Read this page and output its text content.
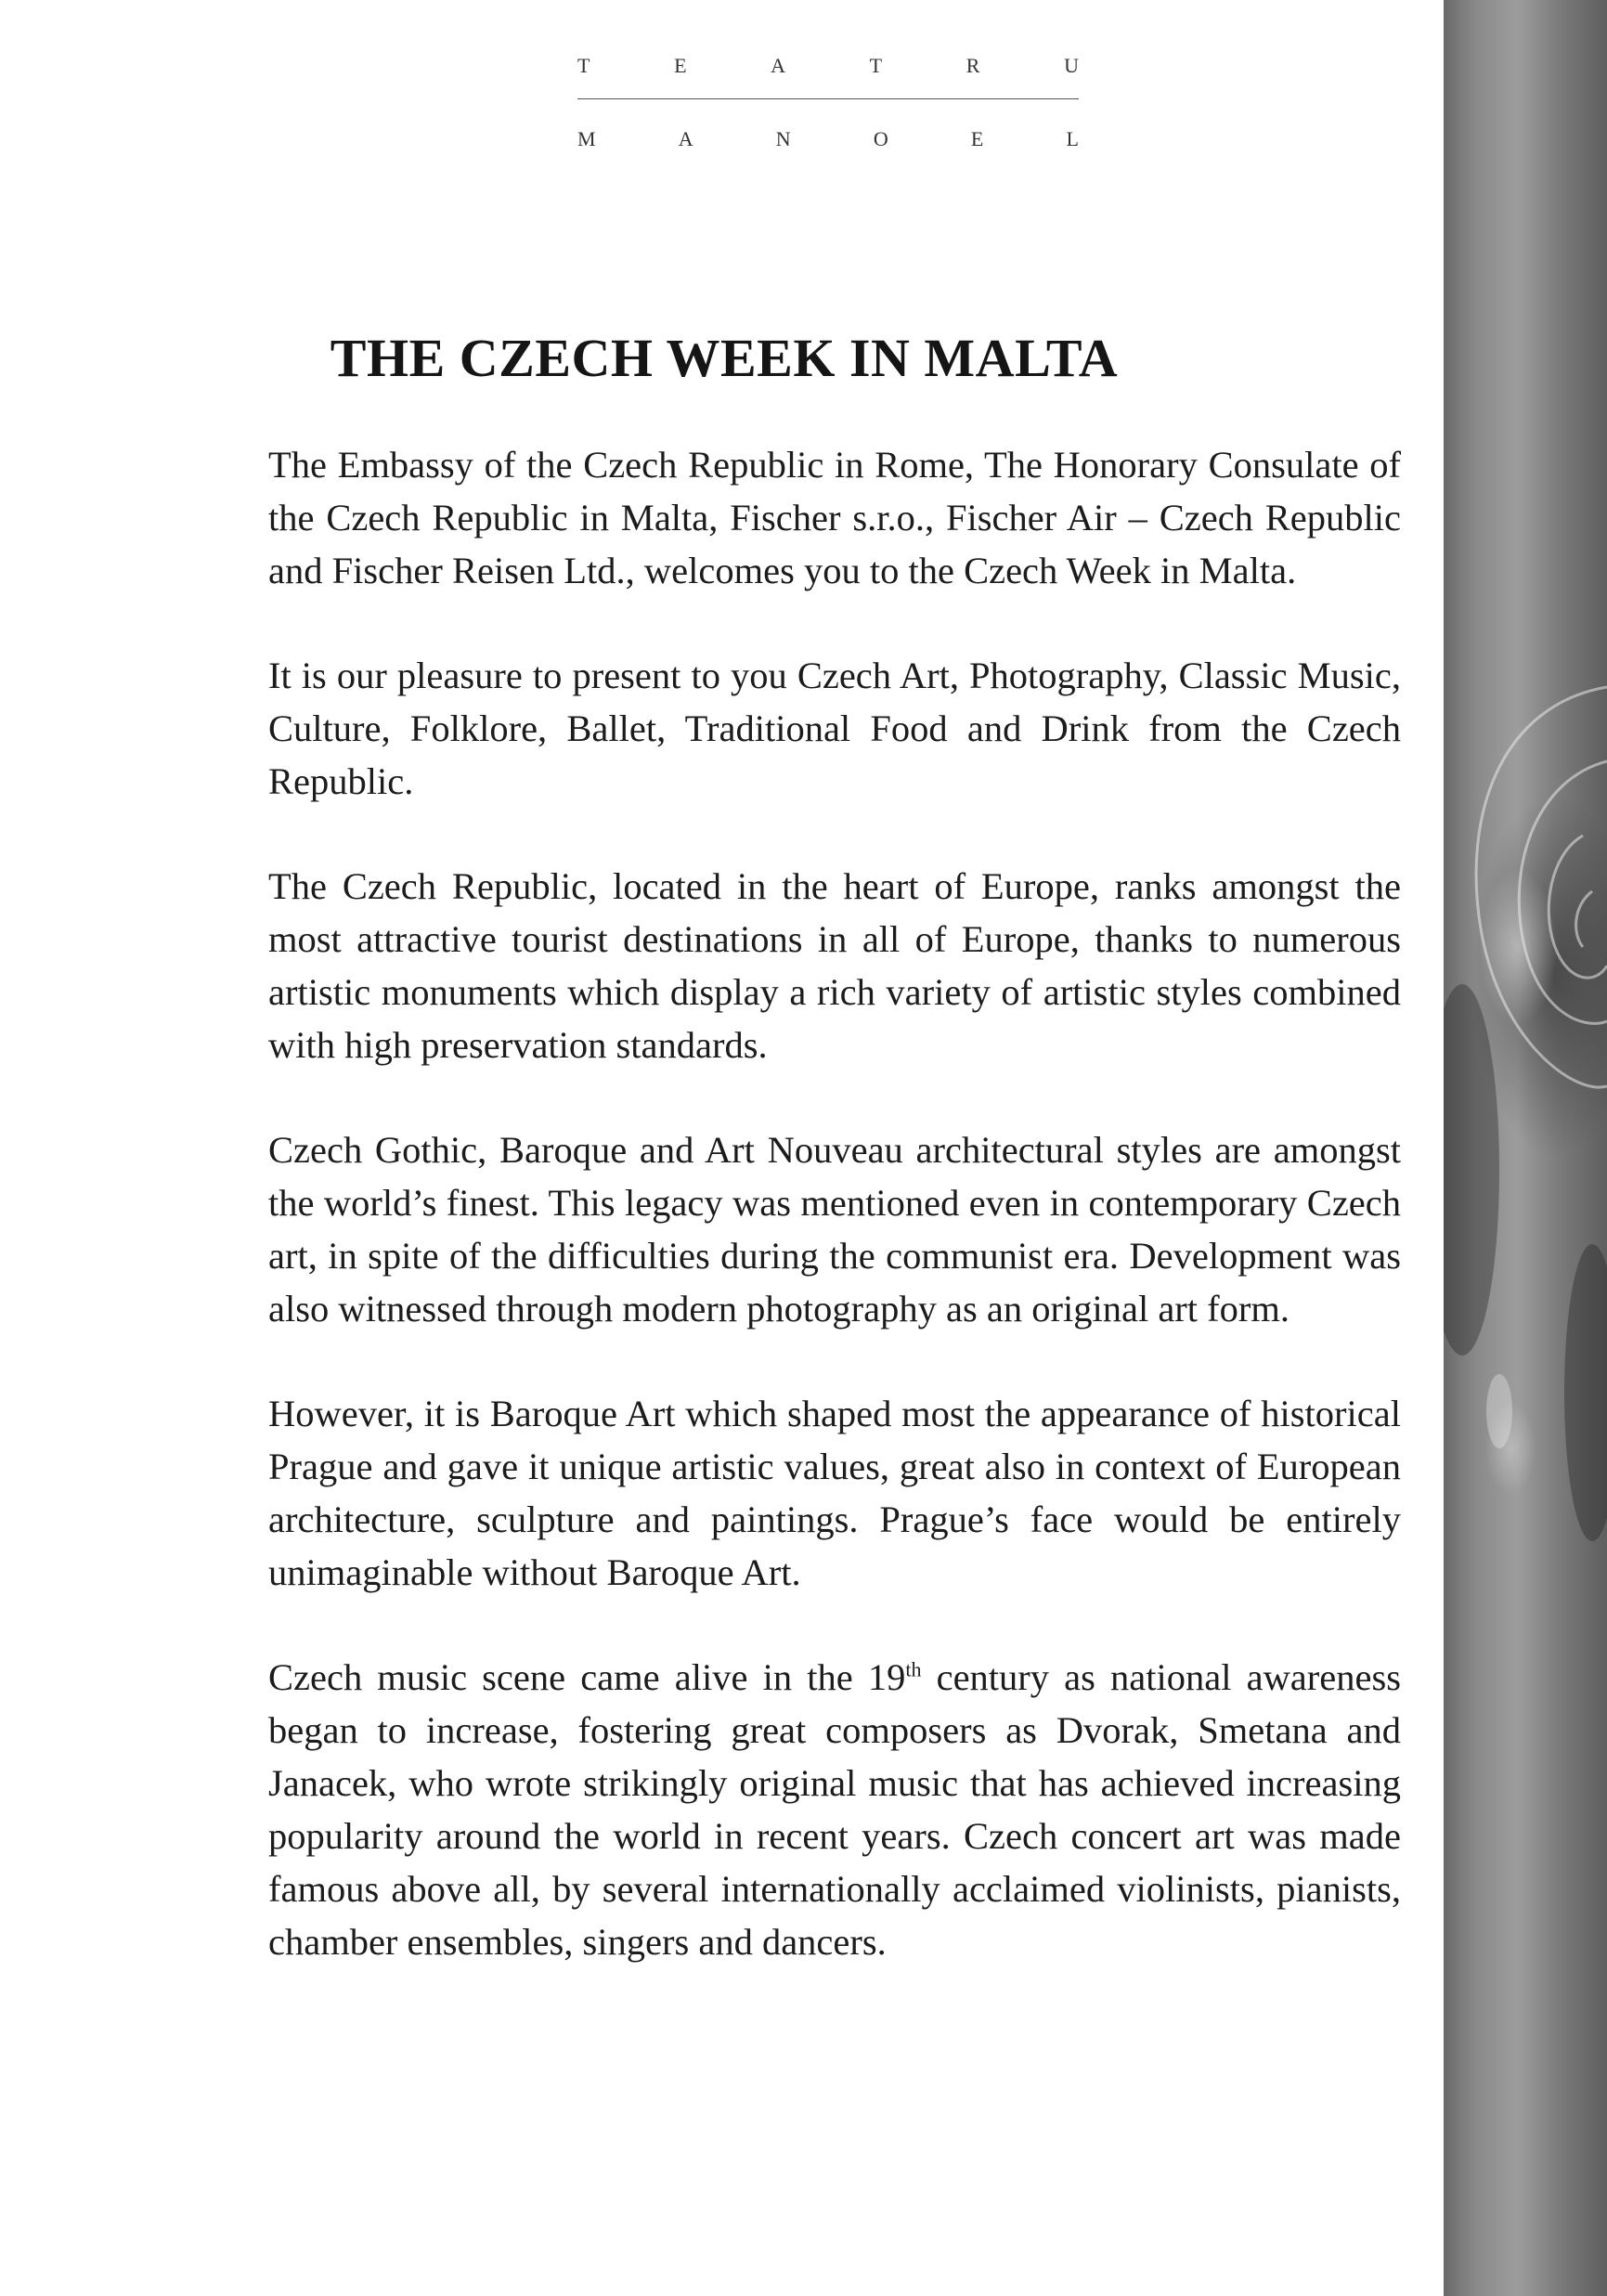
T	E	A	T	R	U
M	A	N	O	E	L
THE CZECH WEEK IN MALTA

The Embassy of the Czech Republic in Rome, The Honorary Consulate of the Czech Republic in Malta, Fischer s.r.o., Fischer Air – Czech Republic and Fischer Reisen Ltd., welcomes you to the Czech Week in Malta.

It is our pleasure to present to you Czech Art, Photography, Classic Music, Culture, Folklore, Ballet, Traditional Food and Drink from the Czech Republic.

The Czech Republic, located in the heart of Europe, ranks amongst the most attractive tourist destinations in all of Europe, thanks to numerous artistic monuments which display a rich variety of artistic styles combined with high preservation standards.

Czech Gothic, Baroque and Art Nouveau architectural styles are amongst the world’s finest. This legacy was mentioned even in contemporary Czech art, in spite of the difficulties during the communist era. Development was also witnessed through modern photography as an original art form.

However, it is Baroque Art which shaped most the appearance of historical Prague and gave it unique artistic values, great also in context of European architecture, sculpture and paintings. Prague’s face would be entirely unimaginable without Baroque Art.

Czech music scene came alive in the 19th century as national awareness began to increase, fostering great composers as Dvorak, Smetana and Janacek, who wrote strikingly original music that has achieved increasing popularity around the world in recent years. Czech concert art was made famous above all, by several internationally acclaimed violinists, pianists, chamber ensembles, singers and dancers.
